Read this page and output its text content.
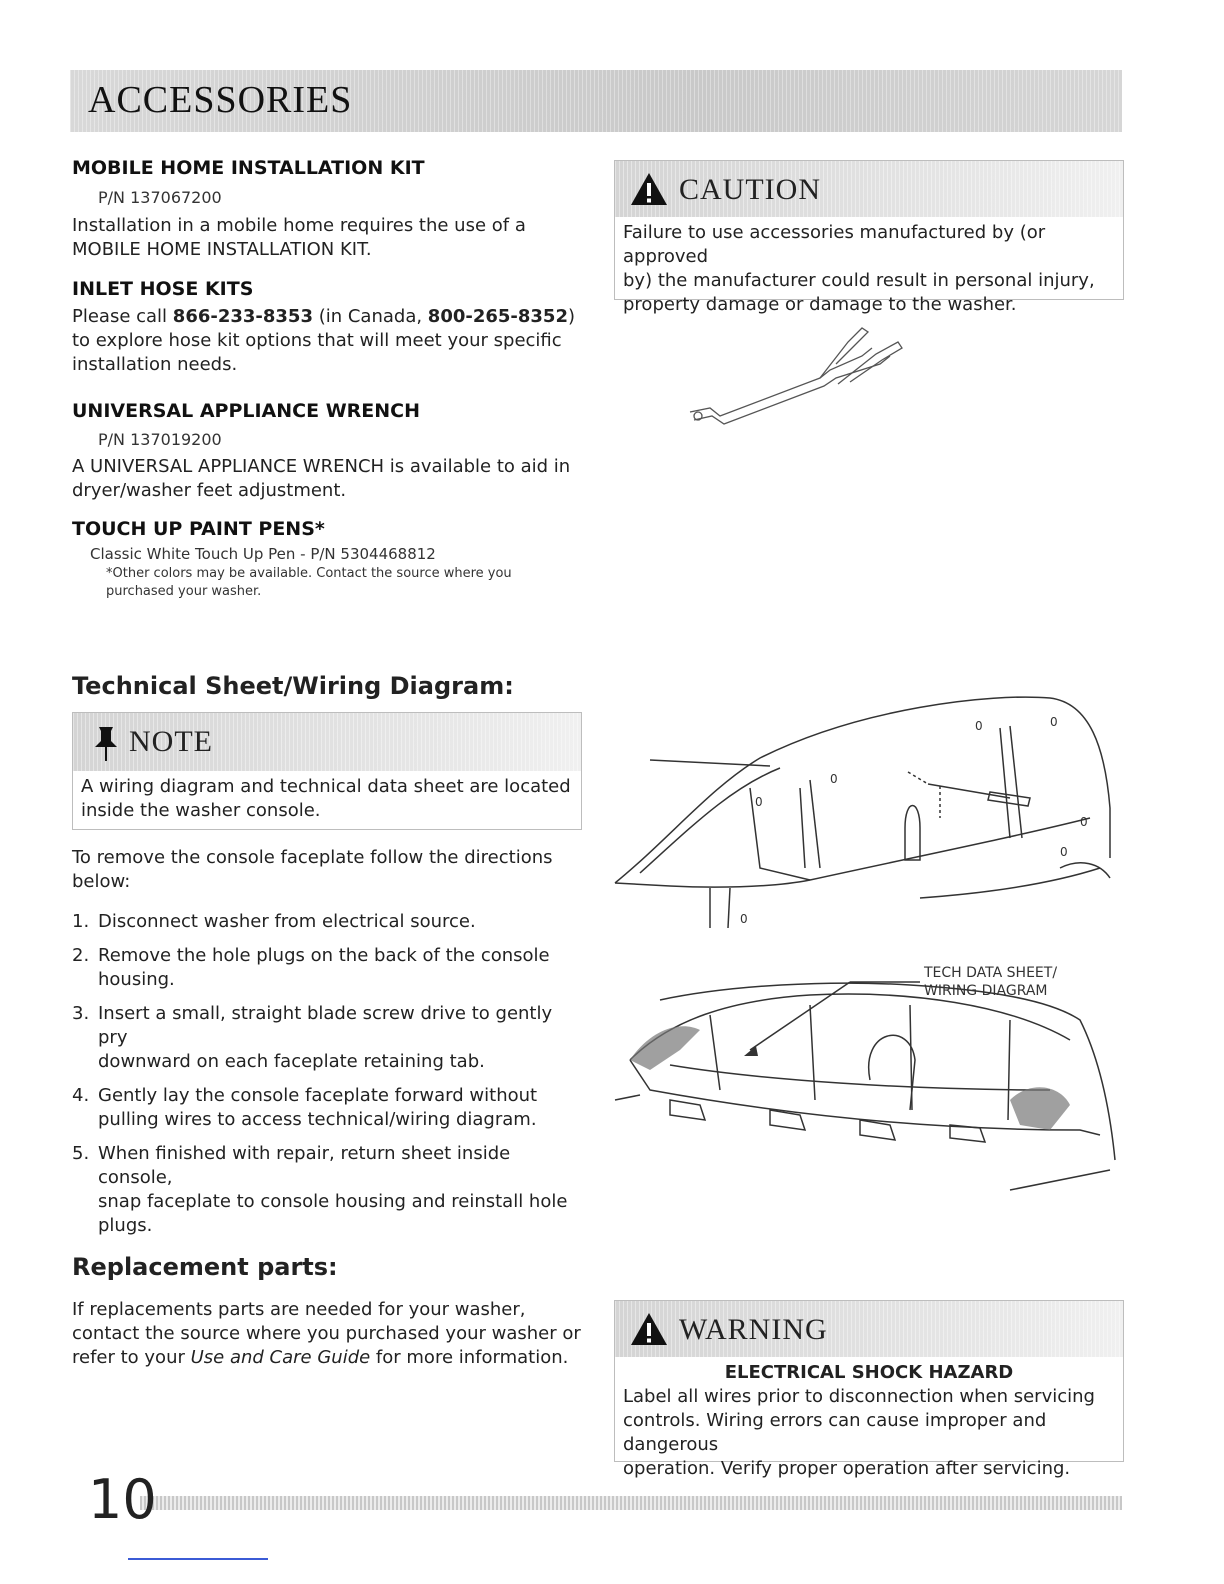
ACCESSORIES
MOBILE HOME INSTALLATION KIT
P/N 137067200
Installation in a mobile home requires the use of a
MOBILE HOME INSTALLATION KIT.
INLET HOSE KITS
Please call 866-233-8353 (in Canada, 800-265-8352)
to explore hose kit options that will meet your specific
installation needs.
UNIVERSAL APPLIANCE WRENCH
P/N 137019200
A UNIVERSAL APPLIANCE WRENCH is available to aid in
dryer/washer feet adjustment.
TOUCH UP PAINT PENS*
Classic White Touch Up Pen - P/N 5304468812
*Other colors may be available. Contact the source where you
purchased your washer.
CAUTION
Failure to use accessories manufactured by (or approved
by) the manufacturer could result in personal injury,
property damage or damage to the washer.
Technical Sheet/Wiring Diagram:
NOTE
A wiring diagram and technical data sheet are located
inside the washer console.
To remove the console faceplate follow the directions
below:
1. Disconnect washer from electrical source.
2. Remove the hole plugs on the back of the console
housing.
3. Insert a small, straight blade screw drive to gently pry
downward on each faceplate retaining tab.
4. Gently lay the console faceplate forward without
pulling wires to access technical/wiring diagram.
5. When finished with repair, return sheet inside console,
snap faceplate to console housing and reinstall hole
plugs.
0	0
0
0
0
0
0
TECH DATA SHEET/
WIRING DIAGRAM
Replacement parts:
If replacements parts are needed for your washer,
contact the source where you purchased your washer or
refer to your Use and Care Guide for more information.
WARNING
ELECTRICAL SHOCK HAZARD
Label all wires prior to disconnection when servicing
controls. Wiring errors can cause improper and dangerous
operation. Verify proper operation after servicing.
10
